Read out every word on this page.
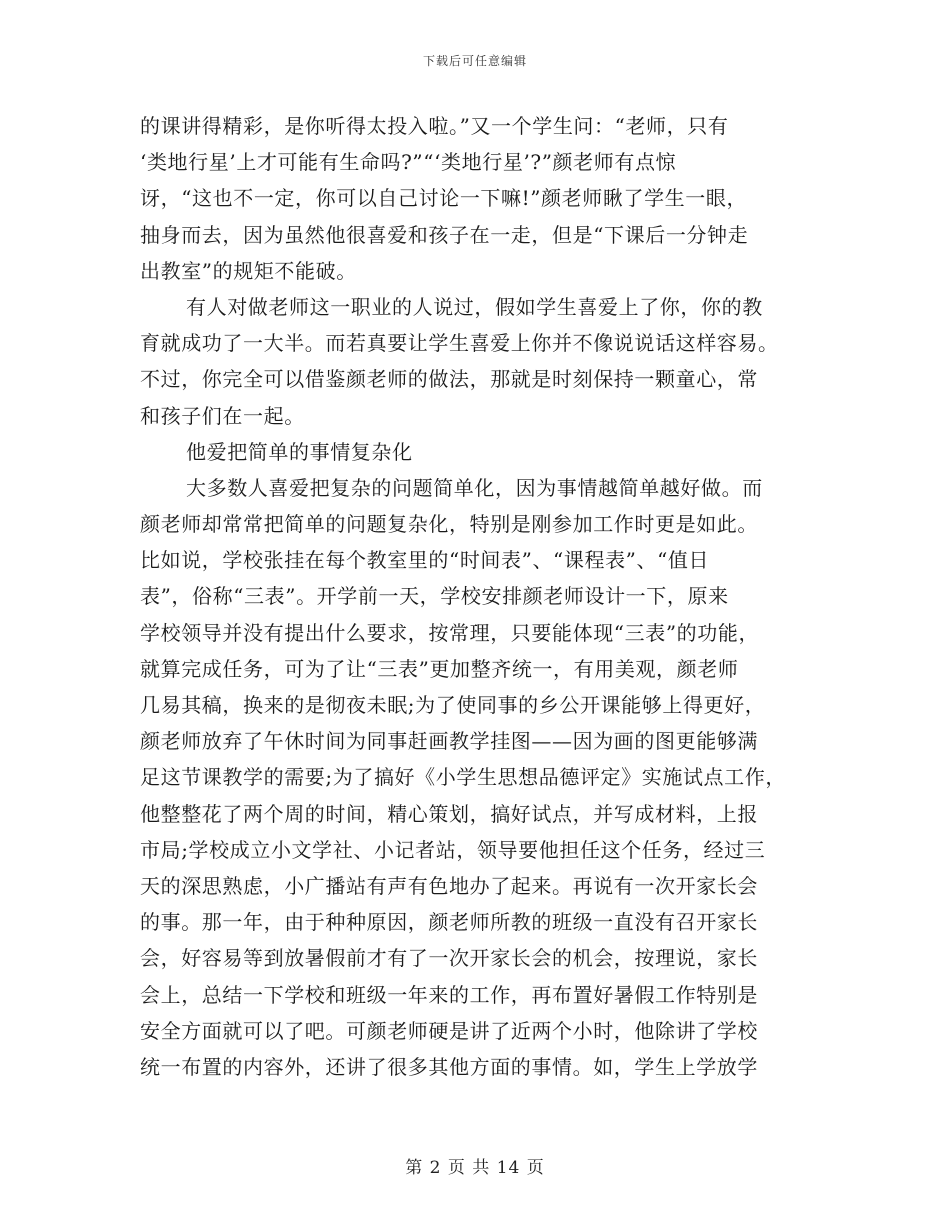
下载后可任意编辑
的课讲得精彩，是你听得太投入啦。”又一个学生问：“老师，只有
‘类地行星’上才可能有生命吗?”“‘类地行星’?”颜老师有点惊
讶，“这也不一定，你可以自己讨论一下嘛!”颜老师瞅了学生一眼，
抽身而去，因为虽然他很喜爱和孩子在一走，但是“下课后一分钟走
出教室”的规矩不能破。
有人对做老师这一职业的人说过，假如学生喜爱上了你，你的教
育就成功了一大半。而若真要让学生喜爱上你并不像说说话这样容易。
不过，你完全可以借鉴颜老师的做法，那就是时刻保持一颗童心，常
和孩子们在一起。
他爱把简单的事情复杂化
大多数人喜爱把复杂的问题简单化，因为事情越简单越好做。而
颜老师却常常把简单的问题复杂化，特别是刚参加工作时更是如此。
比如说，学校张挂在每个教室里的“时间表”、“课程表”、“值日
表”，俗称“三表”。开学前一天，学校安排颜老师设计一下，原来
学校领导并没有提出什么要求，按常理，只要能体现“三表”的功能，
就算完成任务，可为了让“三表”更加整齐统一，有用美观，颜老师
几易其稿，换来的是彻夜未眠;为了使同事的乡公开课能够上得更好，
颜老师放弃了午休时间为同事赶画教学挂图——因为画的图更能够满
足这节课教学的需要;为了搞好《小学生思想品德评定》实施试点工作，
他整整花了两个周的时间，精心策划，搞好试点，并写成材料，上报
市局;学校成立小文学社、小记者站，领导要他担任这个任务，经过三
天的深思熟虑，小广播站有声有色地办了起来。再说有一次开家长会
的事。那一年，由于种种原因，颜老师所教的班级一直没有召开家长
会，好容易等到放暑假前才有了一次开家长会的机会，按理说，家长
会上，总结一下学校和班级一年来的工作，再布置好暑假工作特别是
安全方面就可以了吧。可颜老师硬是讲了近两个小时，他除讲了学校
统一布置的内容外，还讲了很多其他方面的事情。如，学生上学放学
第 2 页 共 14 页
